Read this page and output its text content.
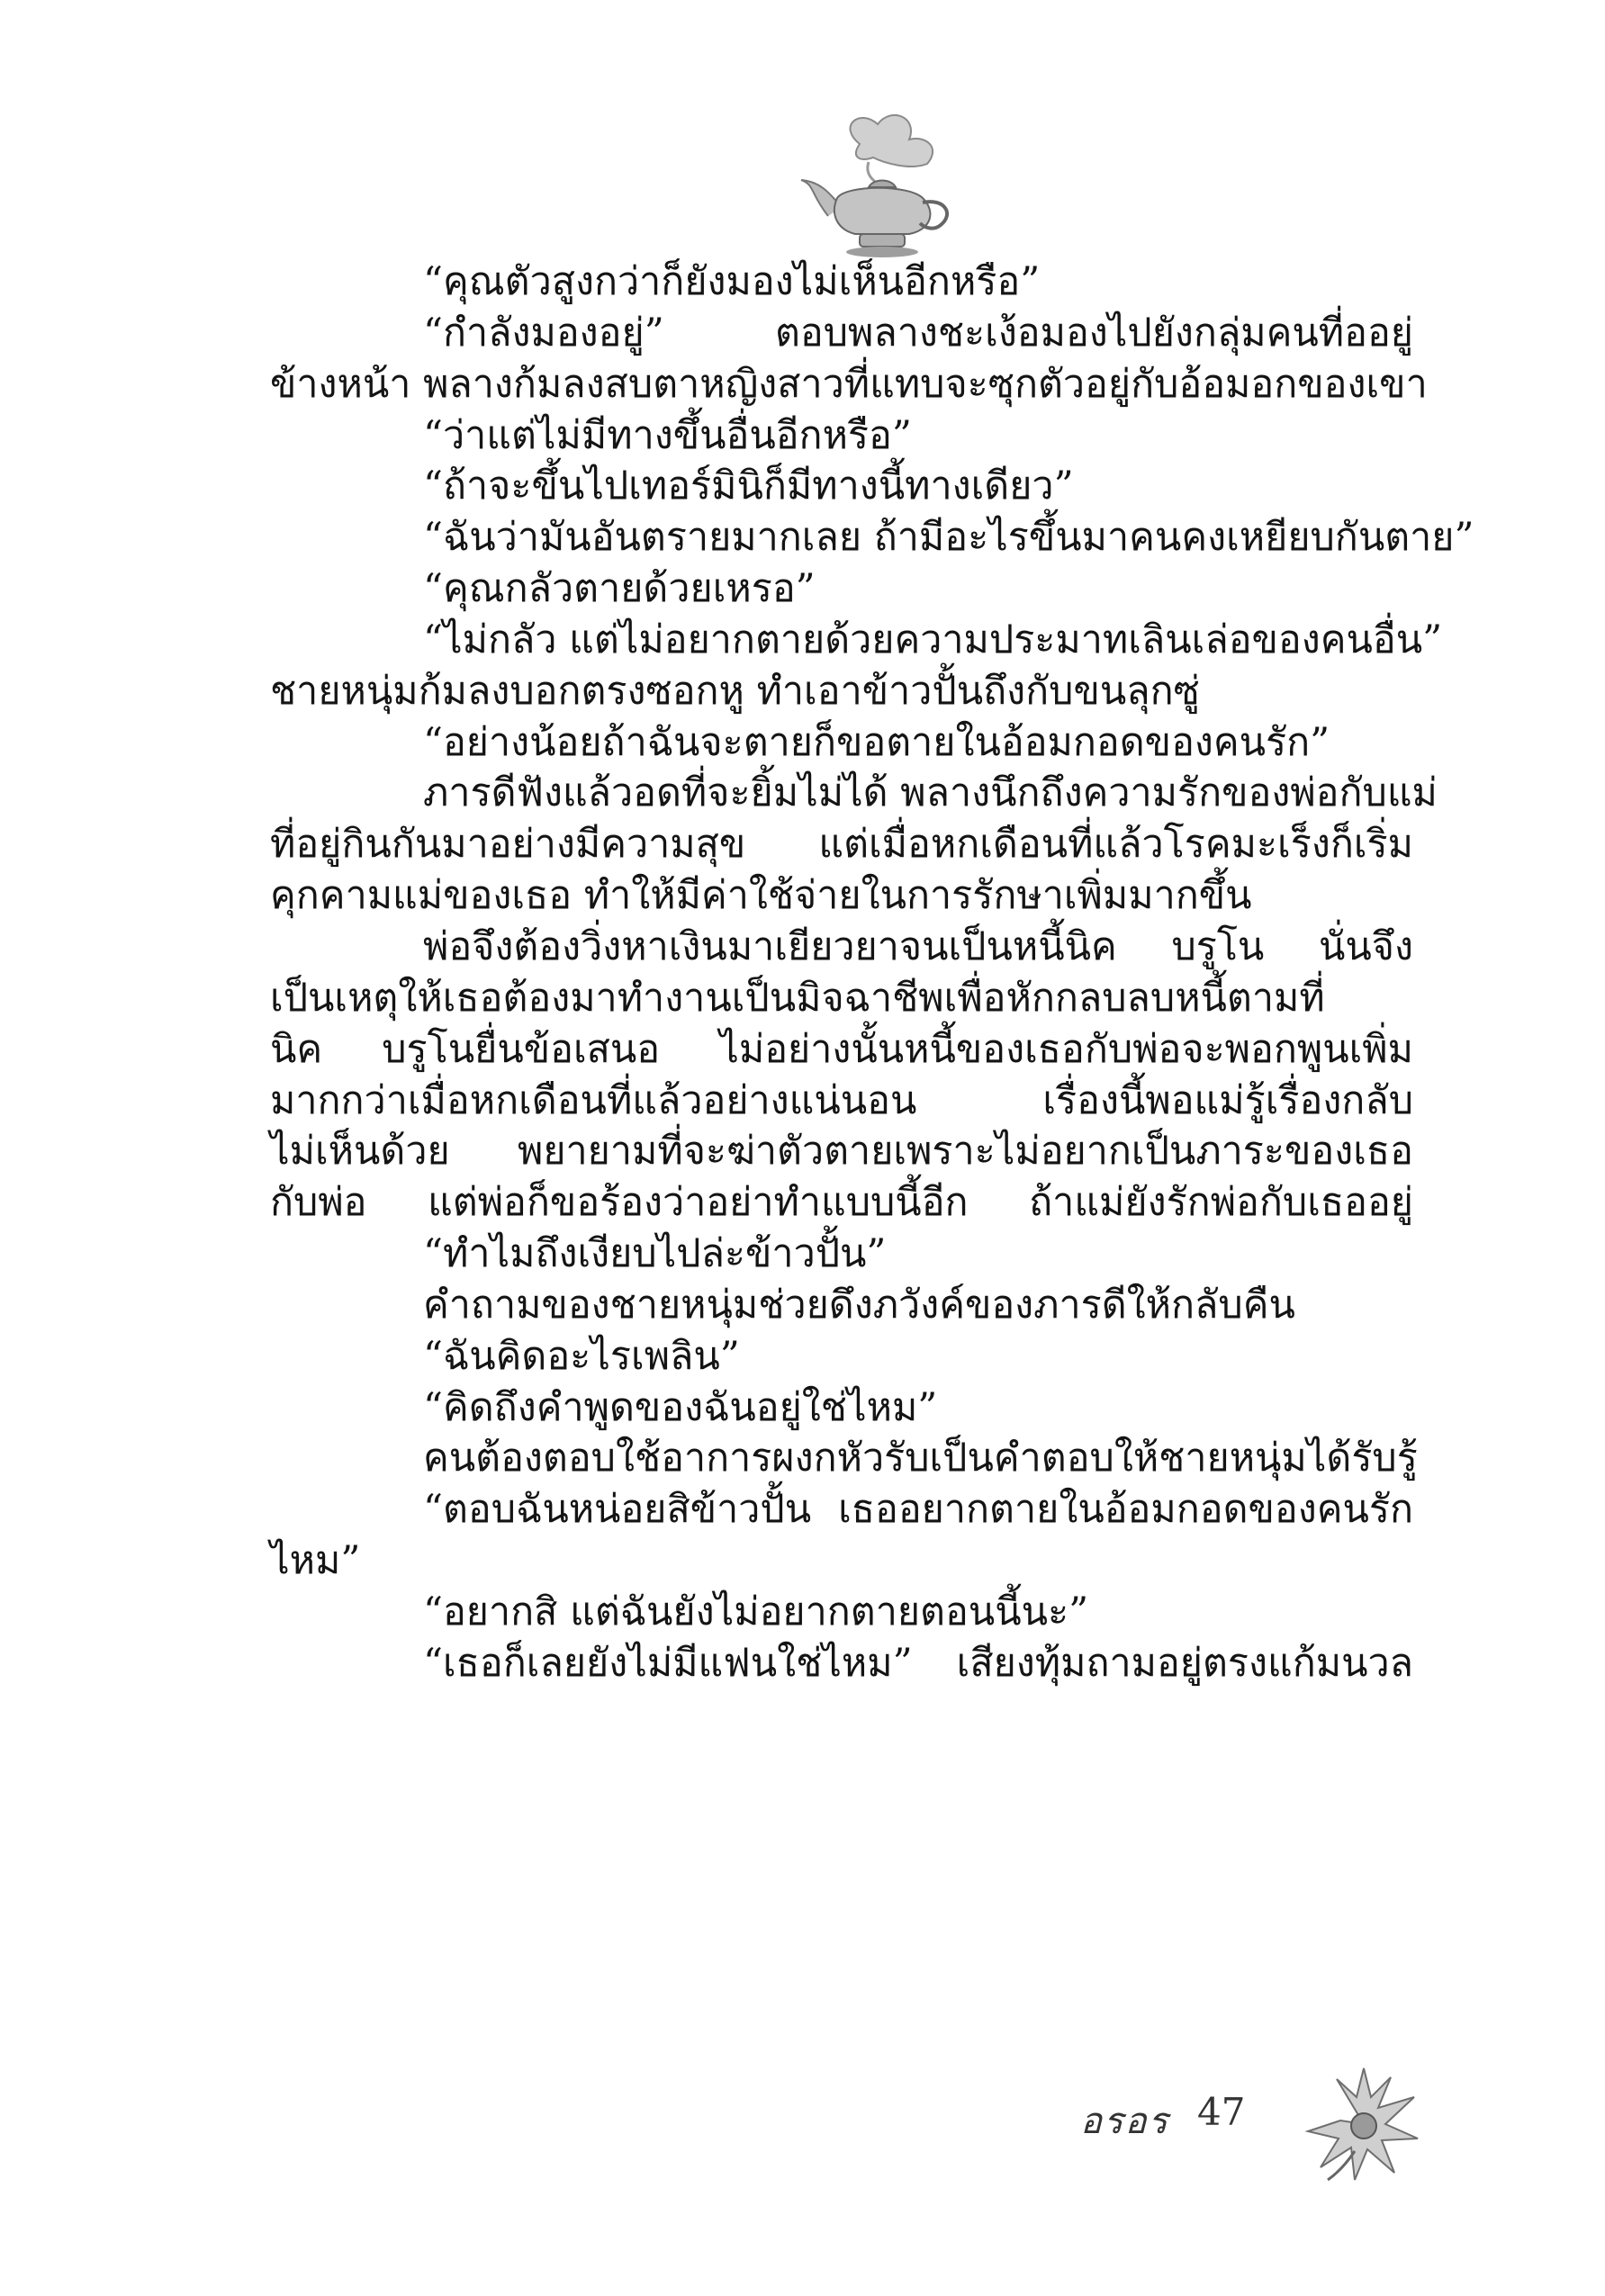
“คุณตัวสูงกว่าก็ยังมองไม่เห็นอีกหรือ”
“กำลังมองอยู่” ตอบพลางชะเง้อมองไปยังกลุ่มคนที่ออยู่
ข้างหน้า พลางก้มลงสบตาหญิงสาวที่แทบจะซุกตัวอยู่กับอ้อมอกของเขา
“ว่าแต่ไม่มีทางขึ้นอื่นอีกหรือ”
“ถ้าจะขึ้นไปเทอร์มินิก็มีทางนี้ทางเดียว”
“ฉันว่ามันอันตรายมากเลย ถ้ามีอะไรขึ้นมาคนคงเหยียบกันตาย”
“คุณกลัวตายด้วยเหรอ”
“ไม่กลัว แต่ไม่อยากตายด้วยความประมาทเลินเล่อของคนอื่น”
ชายหนุ่มก้มลงบอกตรงซอกหู ทำเอาข้าวปั้นถึงกับขนลุกซู่
“อย่างน้อยถ้าฉันจะตายก็ขอตายในอ้อมกอดของคนรัก”
ภารดีฟังแล้วอดที่จะยิ้มไม่ได้ พลางนึกถึงความรักของพ่อกับแม่
ที่อยู่กินกันมาอย่างมีความสุข แต่เมื่อหกเดือนที่แล้วโรคมะเร็งก็เริ่ม
คุกคามแม่ของเธอ ทำให้มีค่าใช้จ่ายในการรักษาเพิ่มมากขึ้น
พ่อจึงต้องวิ่งหาเงินมาเยียวยาจนเป็นหนี้นิค บรูโน นั่นจึง
เป็นเหตุให้เธอต้องมาทำงานเป็นมิจฉาชีพเพื่อหักกลบลบหนี้ตามที่
นิค บรูโนยื่นข้อเสนอ ไม่อย่างนั้นหนี้ของเธอกับพ่อจะพอกพูนเพิ่ม
มากกว่าเมื่อหกเดือนที่แล้วอย่างแน่นอน เรื่องนี้พอแม่รู้เรื่องกลับ
ไม่เห็นด้วย พยายามที่จะฆ่าตัวตายเพราะไม่อยากเป็นภาระของเธอ
กับพ่อ แต่พ่อก็ขอร้องว่าอย่าทำแบบนี้อีก ถ้าแม่ยังรักพ่อกับเธออยู่
“ทำไมถึงเงียบไปล่ะข้าวปั้น”
คำถามของชายหนุ่มช่วยดึงภวังค์ของภารดีให้กลับคืน
“ฉันคิดอะไรเพลิน”
“คิดถึงคำพูดของฉันอยู่ใช่ไหม”
คนต้องตอบใช้อาการผงกหัวรับเป็นคำตอบให้ชายหนุ่มได้รับรู้
“ตอบฉันหน่อยสิข้าวปั้น เธออยากตายในอ้อมกอดของคนรัก
ไหม”
“อยากสิ แต่ฉันยังไม่อยากตายตอนนี้นะ”
“เธอก็เลยยังไม่มีแฟนใช่ไหม” เสียงทุ้มถามอยู่ตรงแก้มนวล
อรอร 47
